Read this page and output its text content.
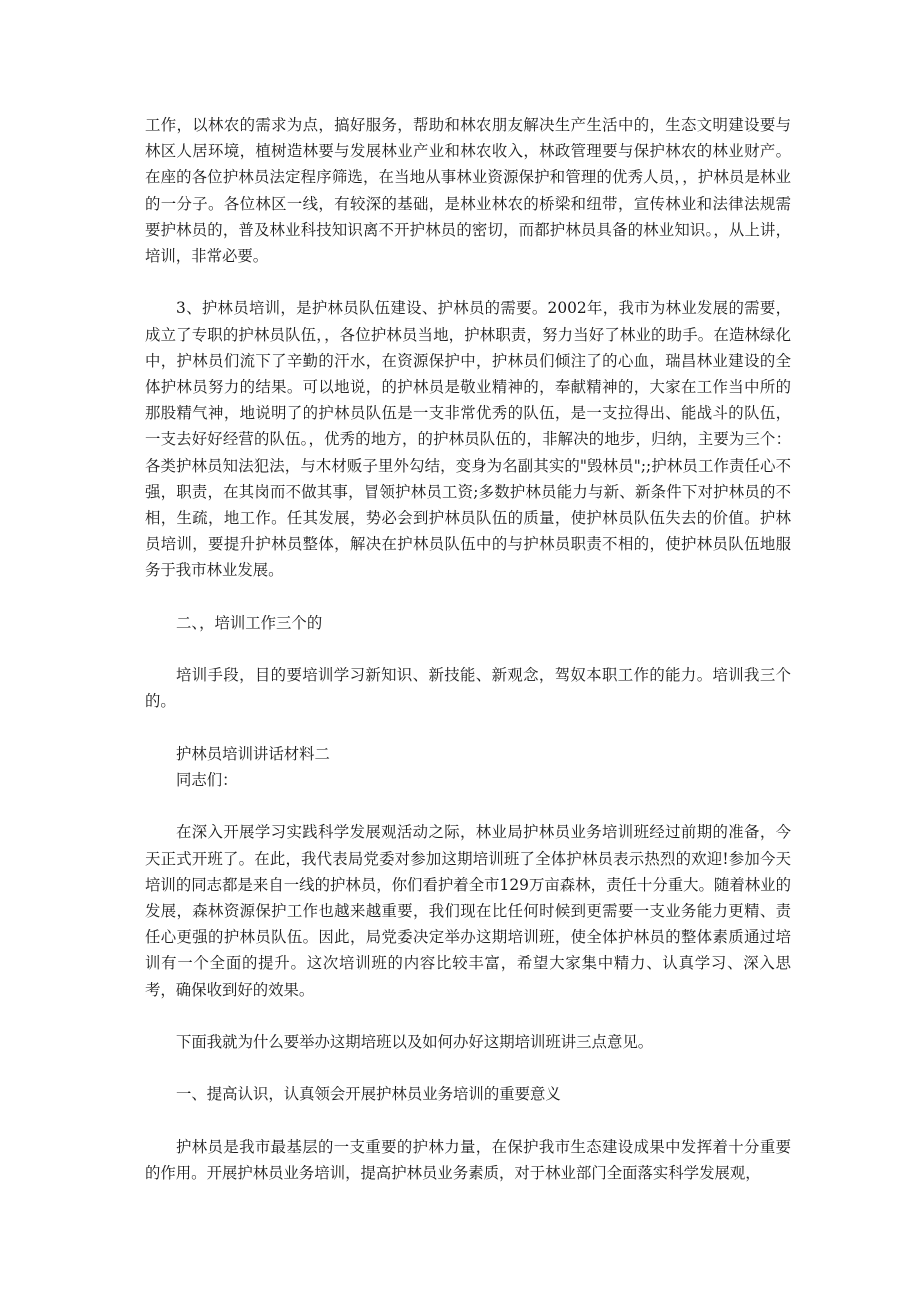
工作，以林农的需求为点，搞好服务，帮助和林农朋友解决生产生活中的，生态文明建设要与林区人居环境，植树造林要与发展林业产业和林农收入，林政管理要与保护林农的林业财产。在座的各位护林员法定程序筛选，在当地从事林业资源保护和管理的优秀人员，，护林员是林业的一分子。各位林区一线，有较深的基础，是林业林农的桥梁和纽带，宣传林业和法律法规需要护林员的，普及林业科技知识离不开护林员的密切，而都护林员具备的林业知识。，从上讲，培训，非常必要。

3、护林员培训，是护林员队伍建设、护林员的需要。2002年，我市为林业发展的需要，成立了专职的护林员队伍，，各位护林员当地，护林职责，努力当好了林业的助手。在造林绿化中，护林员们流下了辛勤的汗水，在资源保护中，护林员们倾注了的心血，瑞昌林业建设的全体护林员努力的结果。可以地说，的护林员是敬业精神的，奉献精神的，大家在工作当中所的那股精气神，地说明了的护林员队伍是一支非常优秀的队伍，是一支拉得出、能战斗的队伍，一支去好好经营的队伍。，优秀的地方，的护林员队伍的，非解决的地步，归纳，主要为三个：各类护林员知法犯法，与木材贩子里外勾结，变身为名副其实的"毁林员";;护林员工作责任心不强，职责，在其岗而不做其事，冒领护林员工资;多数护林员能力与新、新条件下对护林员的不相，生疏，地工作。任其发展，势必会到护林员队伍的质量，使护林员队伍失去的价值。护林员培训，要提升护林员整体，解决在护林员队伍中的与护林员职责不相的，使护林员队伍地服务于我市林业发展。

二、，培训工作三个的

培训手段，目的要培训学习新知识、新技能、新观念，驾奴本职工作的能力。培训我三个的。

护林员培训讲话材料二

同志们：

在深入开展学习实践科学发展观活动之际，林业局护林员业务培训班经过前期的准备，今天正式开班了。在此，我代表局党委对参加这期培训班了全体护林员表示热烈的欢迎!参加今天培训的同志都是来自一线的护林员，你们看护着全市129万亩森林，责任十分重大。随着林业的发展，森林资源保护工作也越来越重要，我们现在比任何时候到更需要一支业务能力更精、责任心更强的护林员队伍。因此，局党委决定举办这期培训班，使全体护林员的整体素质通过培训有一个全面的提升。这次培训班的内容比较丰富，希望大家集中精力、认真学习、深入思考，确保收到好的效果。

下面我就为什么要举办这期培班以及如何办好这期培训班讲三点意见。

一、提高认识，认真领会开展护林员业务培训的重要意义

护林员是我市最基层的一支重要的护林力量，在保护我市生态建设成果中发挥着十分重要的作用。开展护林员业务培训，提高护林员业务素质，对于林业部门全面落实科学发展观，
